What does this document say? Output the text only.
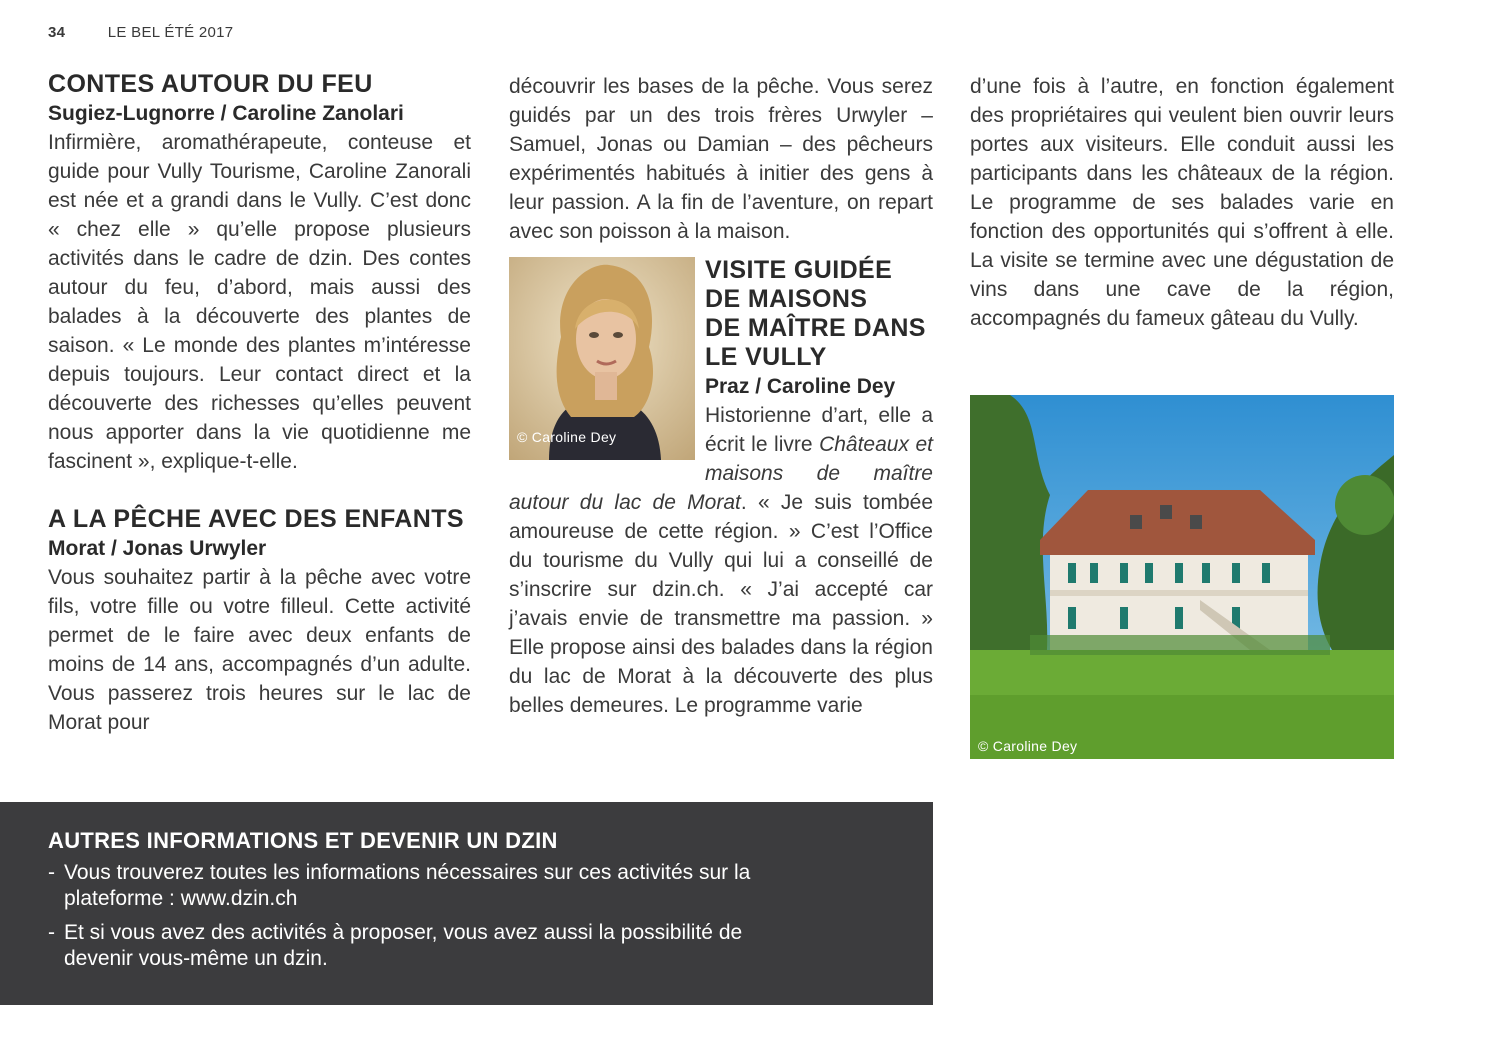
34	LE BEL ÉTÉ 2017
CONTES AUTOUR DU FEU
Sugiez-Lugnorre / Caroline Zanolari

Infirmière, aromathérapeute, conteuse et guide pour Vully Tourisme, Caroline Zanorali est née et a grandi dans le Vully. C’est donc « chez elle » qu’elle propose plusieurs activités dans le cadre de dzin. Des contes autour du feu, d’abord, mais aussi des balades à la découverte des plantes de saison. « Le monde des plantes m’intéresse depuis toujours. Leur contact direct et la découverte des richesses qu’elles peuvent nous apporter dans la vie quotidienne me fascinent », explique-t-elle.

A LA PÊCHE AVEC DES ENFANTS
Morat / Jonas Urwyler

Vous souhaitez partir à la pêche avec votre fils, votre fille ou votre filleul. Cette activité permet de le faire avec deux enfants de moins de 14 ans, accompagnés d’un adulte. Vous passerez trois heures sur le lac de Morat pour

découvrir les bases de la pêche. Vous serez guidés par un des trois frères Urwyler – Samuel, Jonas ou Damian – des pêcheurs expérimentés habitués à initier des gens à leur passion. A la fin de l’aventure, on repart avec son poisson à la maison.

© Caroline Dey
VISITE GUIDÉE
DE MAISONS
DE MAÎTRE DANS
LE VULLY
Praz / Caroline Dey

Historienne d’art, elle a écrit le livre Châteaux et maisons de maître autour du lac de Morat. « Je suis tombée amoureuse de cette région. » C’est l’Office du tourisme du Vully qui lui a conseillé de s’inscrire sur dzin.ch. « J’ai accepté car j’avais envie de transmettre ma passion. » Elle propose ainsi des balades dans la région du lac de Morat à la découverte des plus belles demeures. Le programme varie

d’une fois à l’autre, en fonction également des propriétaires qui veulent bien ouvrir leurs portes aux visiteurs. Elle conduit aussi les participants dans les châteaux de la région. Le programme de ses balades varie en fonction des opportunités qui s’offrent à elle. La visite se termine avec une dégustation de vins dans une cave de la région, accompagnés du fameux gâteau du Vully.

© Caroline Dey
AUTRES INFORMATIONS ET DEVENIR UN DZIN
- Vous trouverez toutes les informations nécessaires sur ces activités sur la plateforme : www.dzin.ch
- Et si vous avez des activités à proposer, vous avez aussi la possibilité de devenir vous-même un dzin.
